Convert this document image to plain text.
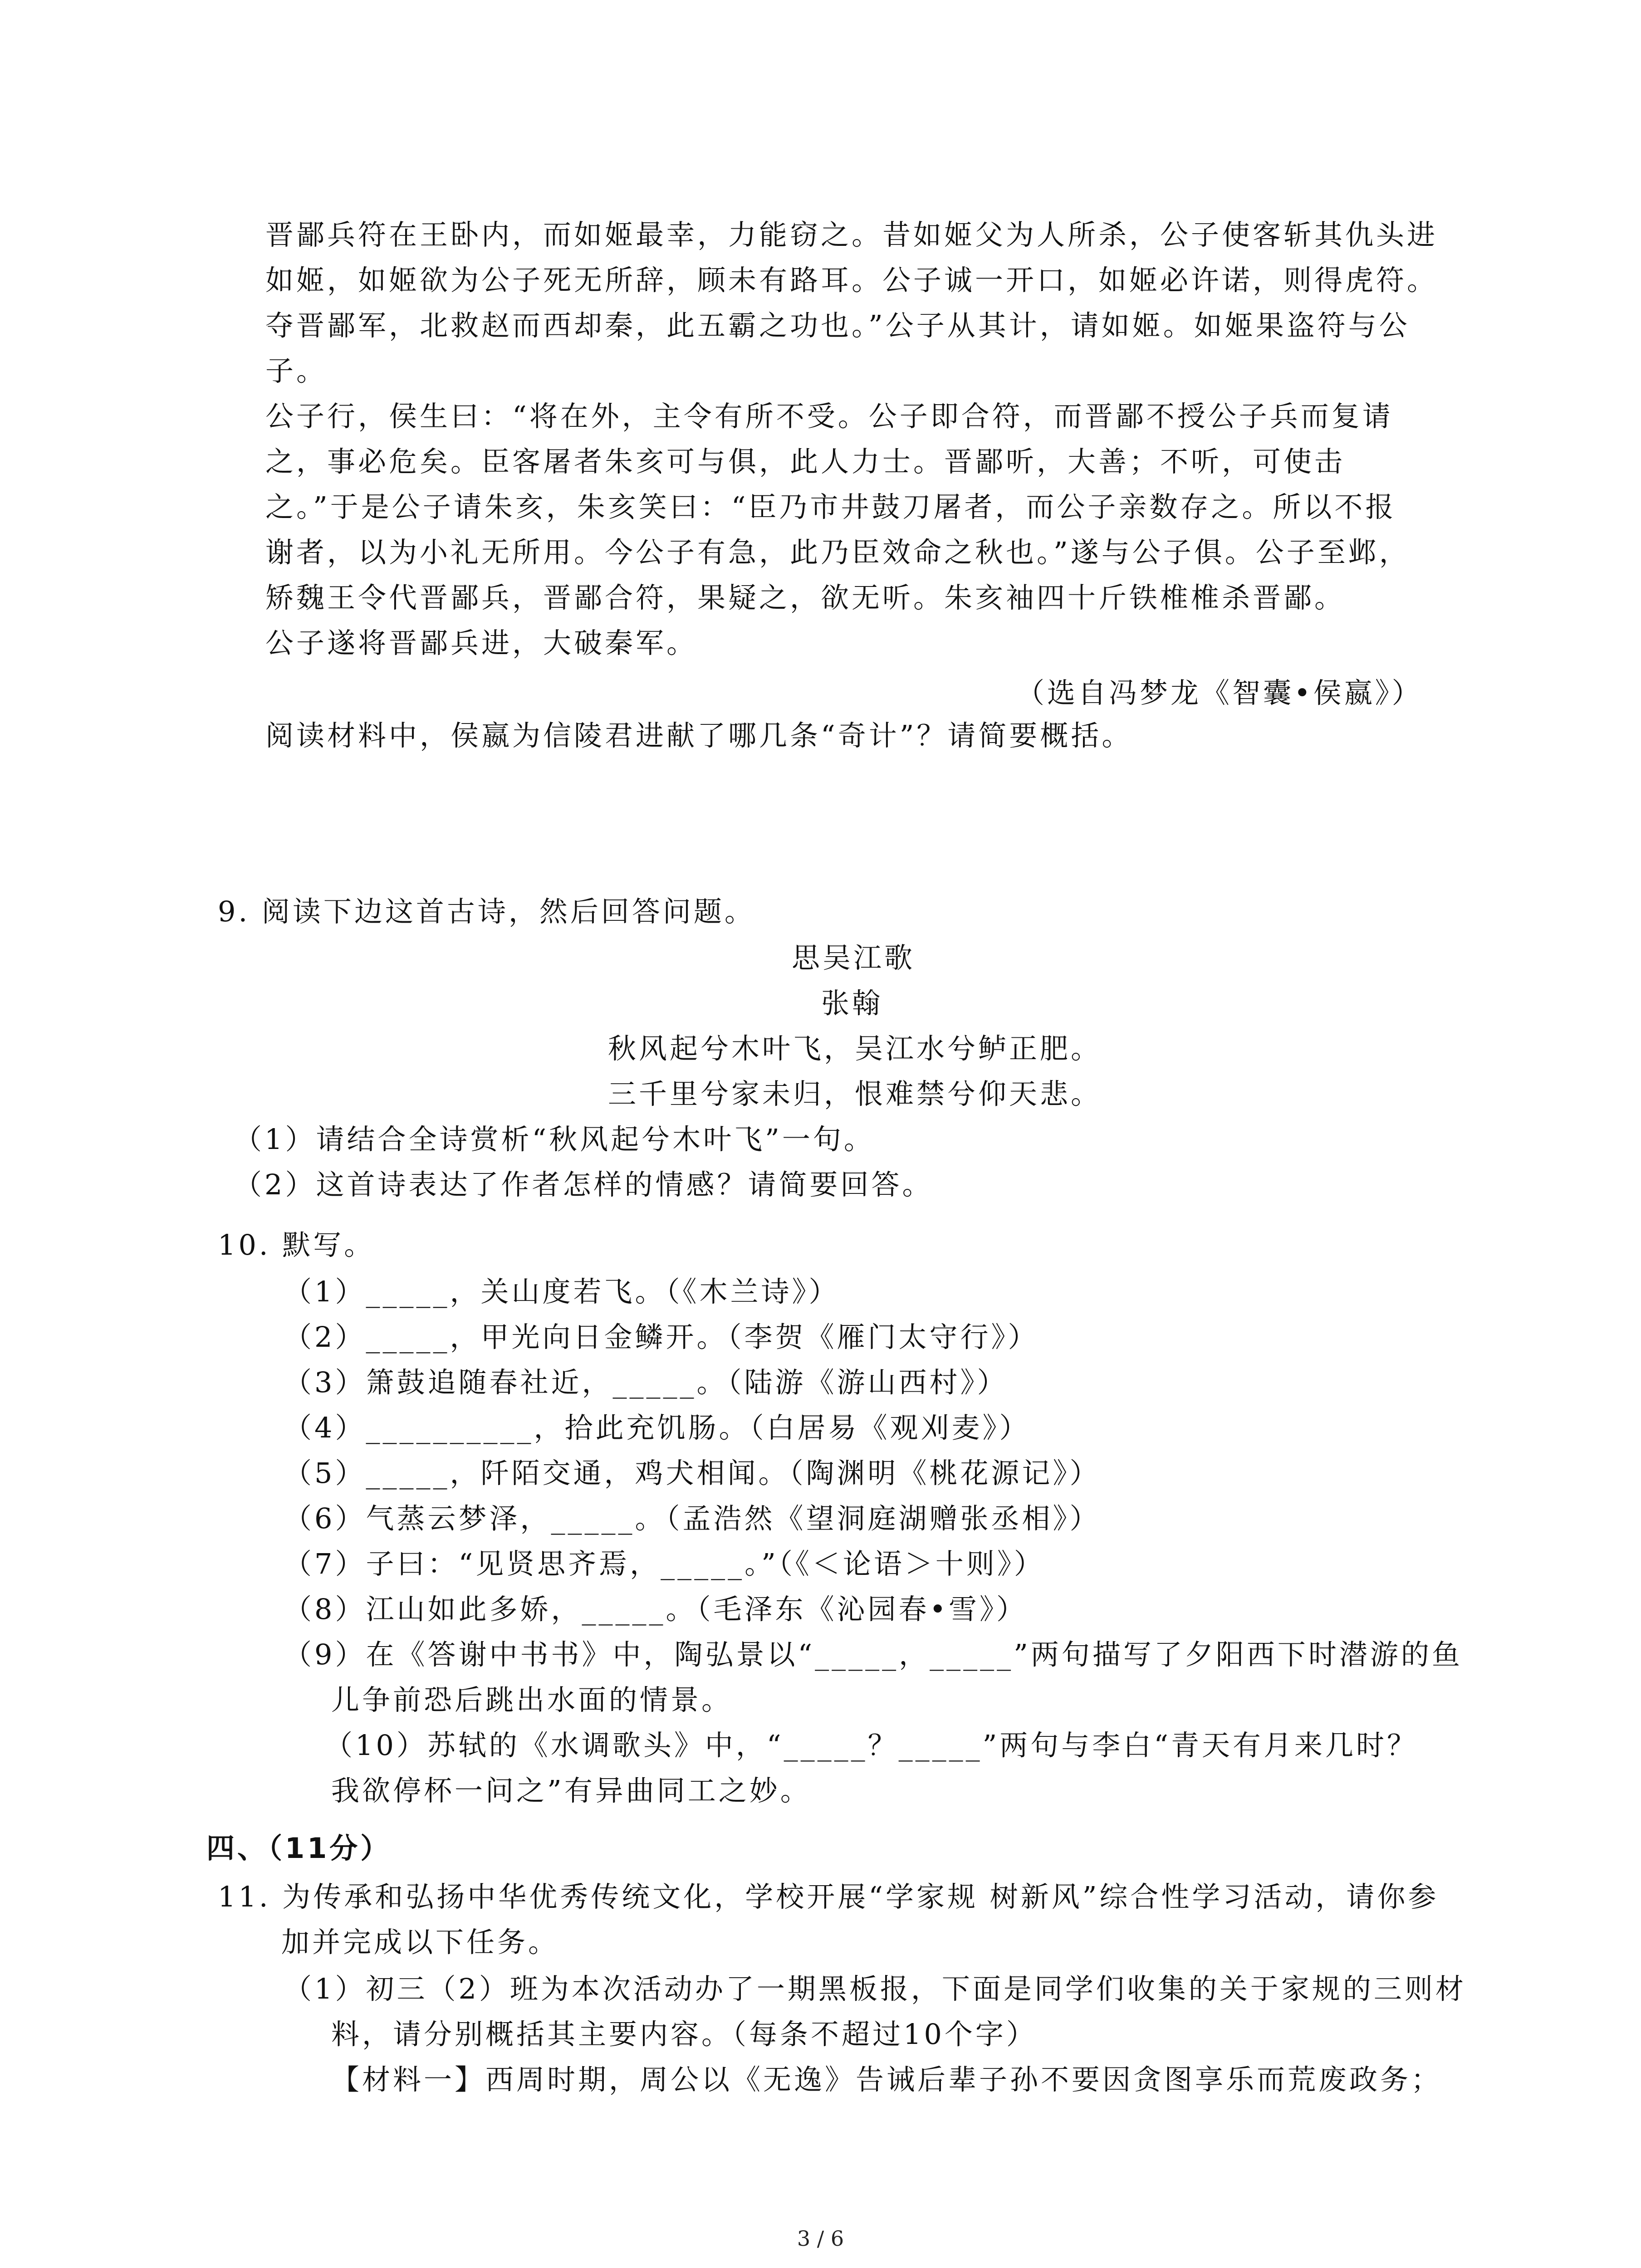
晋鄙兵符在王卧内，而如姬最幸，力能窃之。昔如姬父为人所杀，公子使客斩其仇头进

如姬，如姬欲为公子死无所辞，顾未有路耳。公子诚一开口，如姬必许诺，则得虎符。

夺晋鄙军，北救赵而西却秦，此五霸之功也。”公子从其计，请如姬。如姬果盗符与公

子。

公子行，侯生曰：“将在外，主令有所不受。公子即合符，而晋鄙不授公子兵而复请

之，事必危矣。臣客屠者朱亥可与俱，此人力士。晋鄙听，大善；不听，可使击

之。”于是公子请朱亥，朱亥笑曰：“臣乃市井鼓刀屠者，而公子亲数存之。所以不报

谢者，以为小礼无所用。今公子有急，此乃臣效命之秋也。”遂与公子俱。公子至邺，

矫魏王令代晋鄙兵，晋鄙合符，果疑之，欲无听。朱亥袖四十斤铁椎椎杀晋鄙。

公子遂将晋鄙兵进，大破秦军。

（选自冯梦龙《智囊•侯嬴》）

阅读材料中，侯嬴为信陵君进献了哪几条“奇计”？请简要概括。

9. 阅读下边这首古诗，然后回答问题。

思吴江歌

张翰

秋风起兮木叶飞，吴江水兮鲈正肥。

三千里兮家未归，恨难禁兮仰天悲。

（1）请结合全诗赏析“秋风起兮木叶飞”一句。

（2）这首诗表达了作者怎样的情感？请简要回答。

10. 默写。

（1）_____，关山度若飞。（《木兰诗》）

（2）_____，甲光向日金鳞开。（李贺《雁门太守行》）

（3）箫鼓追随春社近，_____。（陆游《游山西村》）

（4）__________，拾此充饥肠。（白居易《观刈麦》）

（5）_____，阡陌交通，鸡犬相闻。（陶渊明《桃花源记》）

（6）气蒸云梦泽，_____。（孟浩然《望洞庭湖赠张丞相》）

（7）子曰：“见贤思齐焉，_____。”（《＜论语＞十则》）

（8）江山如此多娇，_____。（毛泽东《沁园春•雪》）

（9）在《答谢中书书》中，陶弘景以“_____，_____”两句描写了夕阳西下时潜游的鱼

儿争前恐后跳出水面的情景。

（10）苏轼的《水调歌头》中，“_____？_____”两句与李白“青天有月来几时？

我欲停杯一问之”有异曲同工之妙。

四、（11分）

11. 为传承和弘扬中华优秀传统文化，学校开展“学家规 树新风”综合性学习活动，请你参

加并完成以下任务。

（1）初三（2）班为本次活动办了一期黑板报，下面是同学们收集的关于家规的三则材

料，请分别概括其主要内容。（每条不超过10个字）

【材料一】西周时期，周公以《无逸》告诫后辈子孙不要因贪图享乐而荒废政务；

3 / 6
